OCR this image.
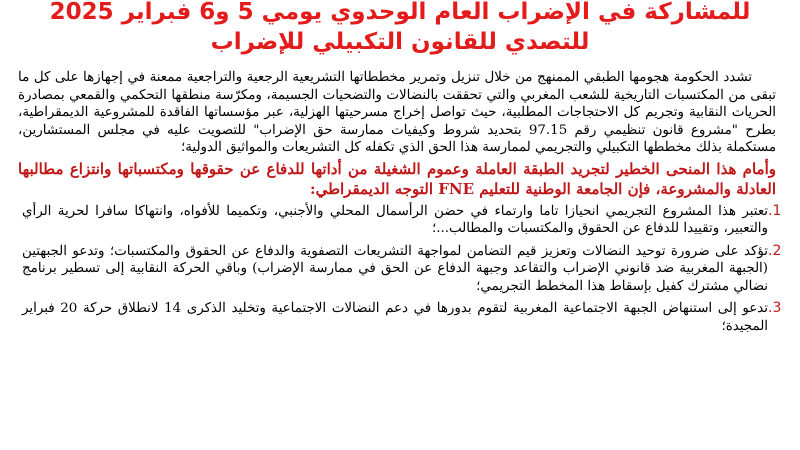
للمشاركة في الإضراب العام الوحدوي يومي 5 و6 فبراير 2025
للتصدي للقانون التكبيلي للإضراب

تشدد الحكومة هجومها الطبقي الممنهج من خلال تنزيل وتمرير مخططاتها التشريعية الرجعية والتراجعية ممعنة في إجهازها على كل ما تبقى من المكتسبات التاريخية للشعب المغربي والتي تحققت بالنضالات والتضحيات الجسيمة، ومكرّسة منطقها التحكمي والقمعي بمصادرة الحريات النقابية وتجريم كل الاحتجاجات المطلبية، حيث تواصل إخراج مسرحيتها الهزلية، عبر مؤسساتها الفاقدة للمشروعية الديمقراطية، بطرح "مشروع قانون تنظيمي رقم 97.15 بتحديد شروط وكيفيات ممارسة حق الإضراب" للتصويت عليه في مجلس المستشارين، مستكملة بذلك مخططها التكبيلي والتجريمي لممارسة هذا الحق الذي تكفله كل التشريعات والمواثيق الدولية؛

وأمام هذا المنحى الخطير لتجريد الطبقة العاملة وعموم الشغيلة من أداتها للدفاع عن حقوقها ومكتسباتها وانتزاع مطالبها العادلة والمشروعة، فإن الجامعة الوطنية للتعليم FNE التوجه الديمقراطي:

1.
تعتبر هذا المشروع التجريمي انحيازا تاما وارتماء في حضن الرأسمال المحلي والأجنبي، وتكميما للأفواه، وانتهاكا سافرا لحرية الرأي والتعبير، وتقييدا للدفاع عن الحقوق والمكتسبات والمطالب...؛
2.
تؤكد على ضرورة توحيد النضالات وتعزيز قيم التضامن لمواجهة التشريعات التصفوية والدفاع عن الحقوق والمكتسبات؛ وتدعو الجبهتين (الجبهة المغربية ضد قانوني الإضراب والتقاعد وجبهة الدفاع عن الحق في ممارسة الإضراب) وباقي الحركة النقابية إلى تسطير برنامج نضالي مشترك كفيل بإسقاط هذا المخطط التجريمي؛
3.
تدعو إلى استنهاض الجبهة الاجتماعية المغربية لتقوم بدورها في دعم النضالات الاجتماعية وتخليد الذكرى 14 لانطلاق حركة 20 فبراير المجيدة؛
